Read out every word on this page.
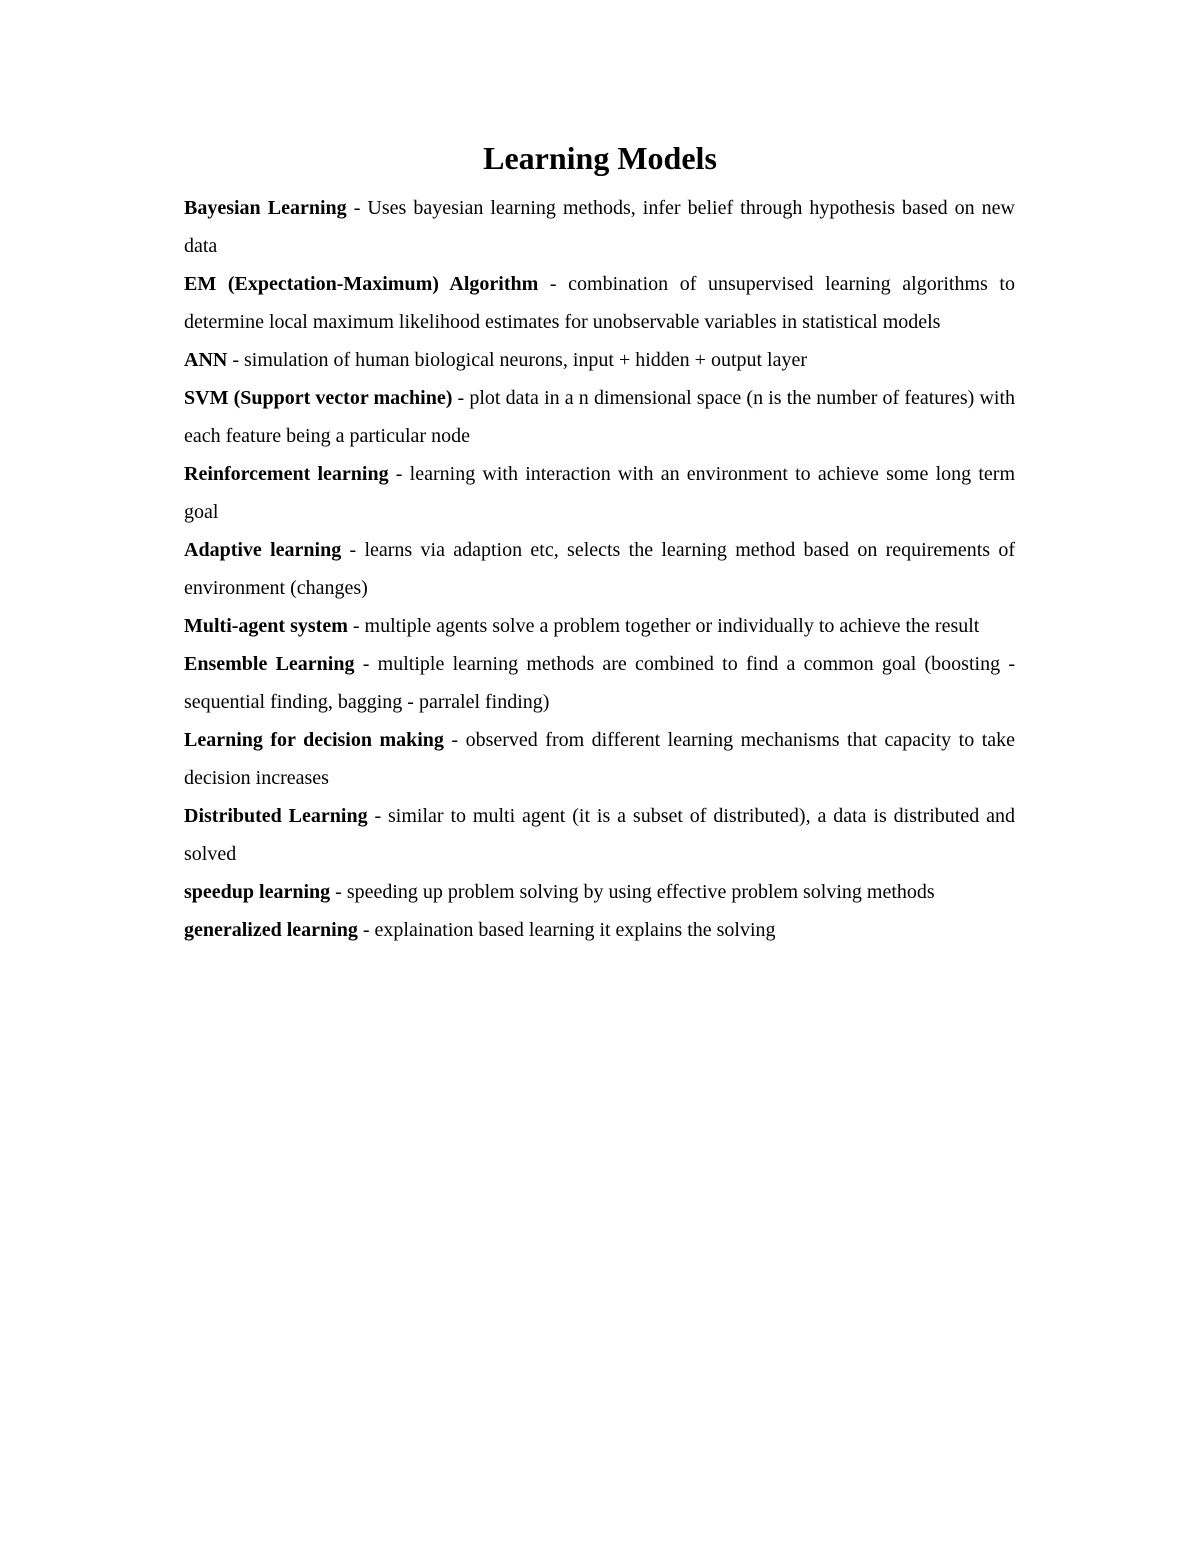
Learning Models
Bayesian Learning - Uses bayesian learning methods, infer belief through hypothesis based on new data
EM (Expectation-Maximum) Algorithm - combination of unsupervised learning algorithms to determine local maximum likelihood estimates for unobservable variables in statistical models
ANN - simulation of human biological neurons, input + hidden + output layer
SVM (Support vector machine) - plot data in a n dimensional space (n is the number of features) with each feature being a particular node
Reinforcement learning - learning with interaction with an environment to achieve some long term goal
Adaptive learning - learns via adaption etc, selects the learning method based on requirements of environment (changes)
Multi-agent system - multiple agents solve a problem together or individually to achieve the result
Ensemble Learning - multiple learning methods are combined to find a common goal (boosting - sequential finding, bagging - parralel finding)
Learning for decision making - observed from different learning mechanisms that capacity to take decision increases
Distributed Learning - similar to multi agent (it is a subset of distributed), a data is distributed and solved
speedup learning - speeding up problem solving by using effective problem solving methods
generalized learning - explaination based learning it explains the solving
